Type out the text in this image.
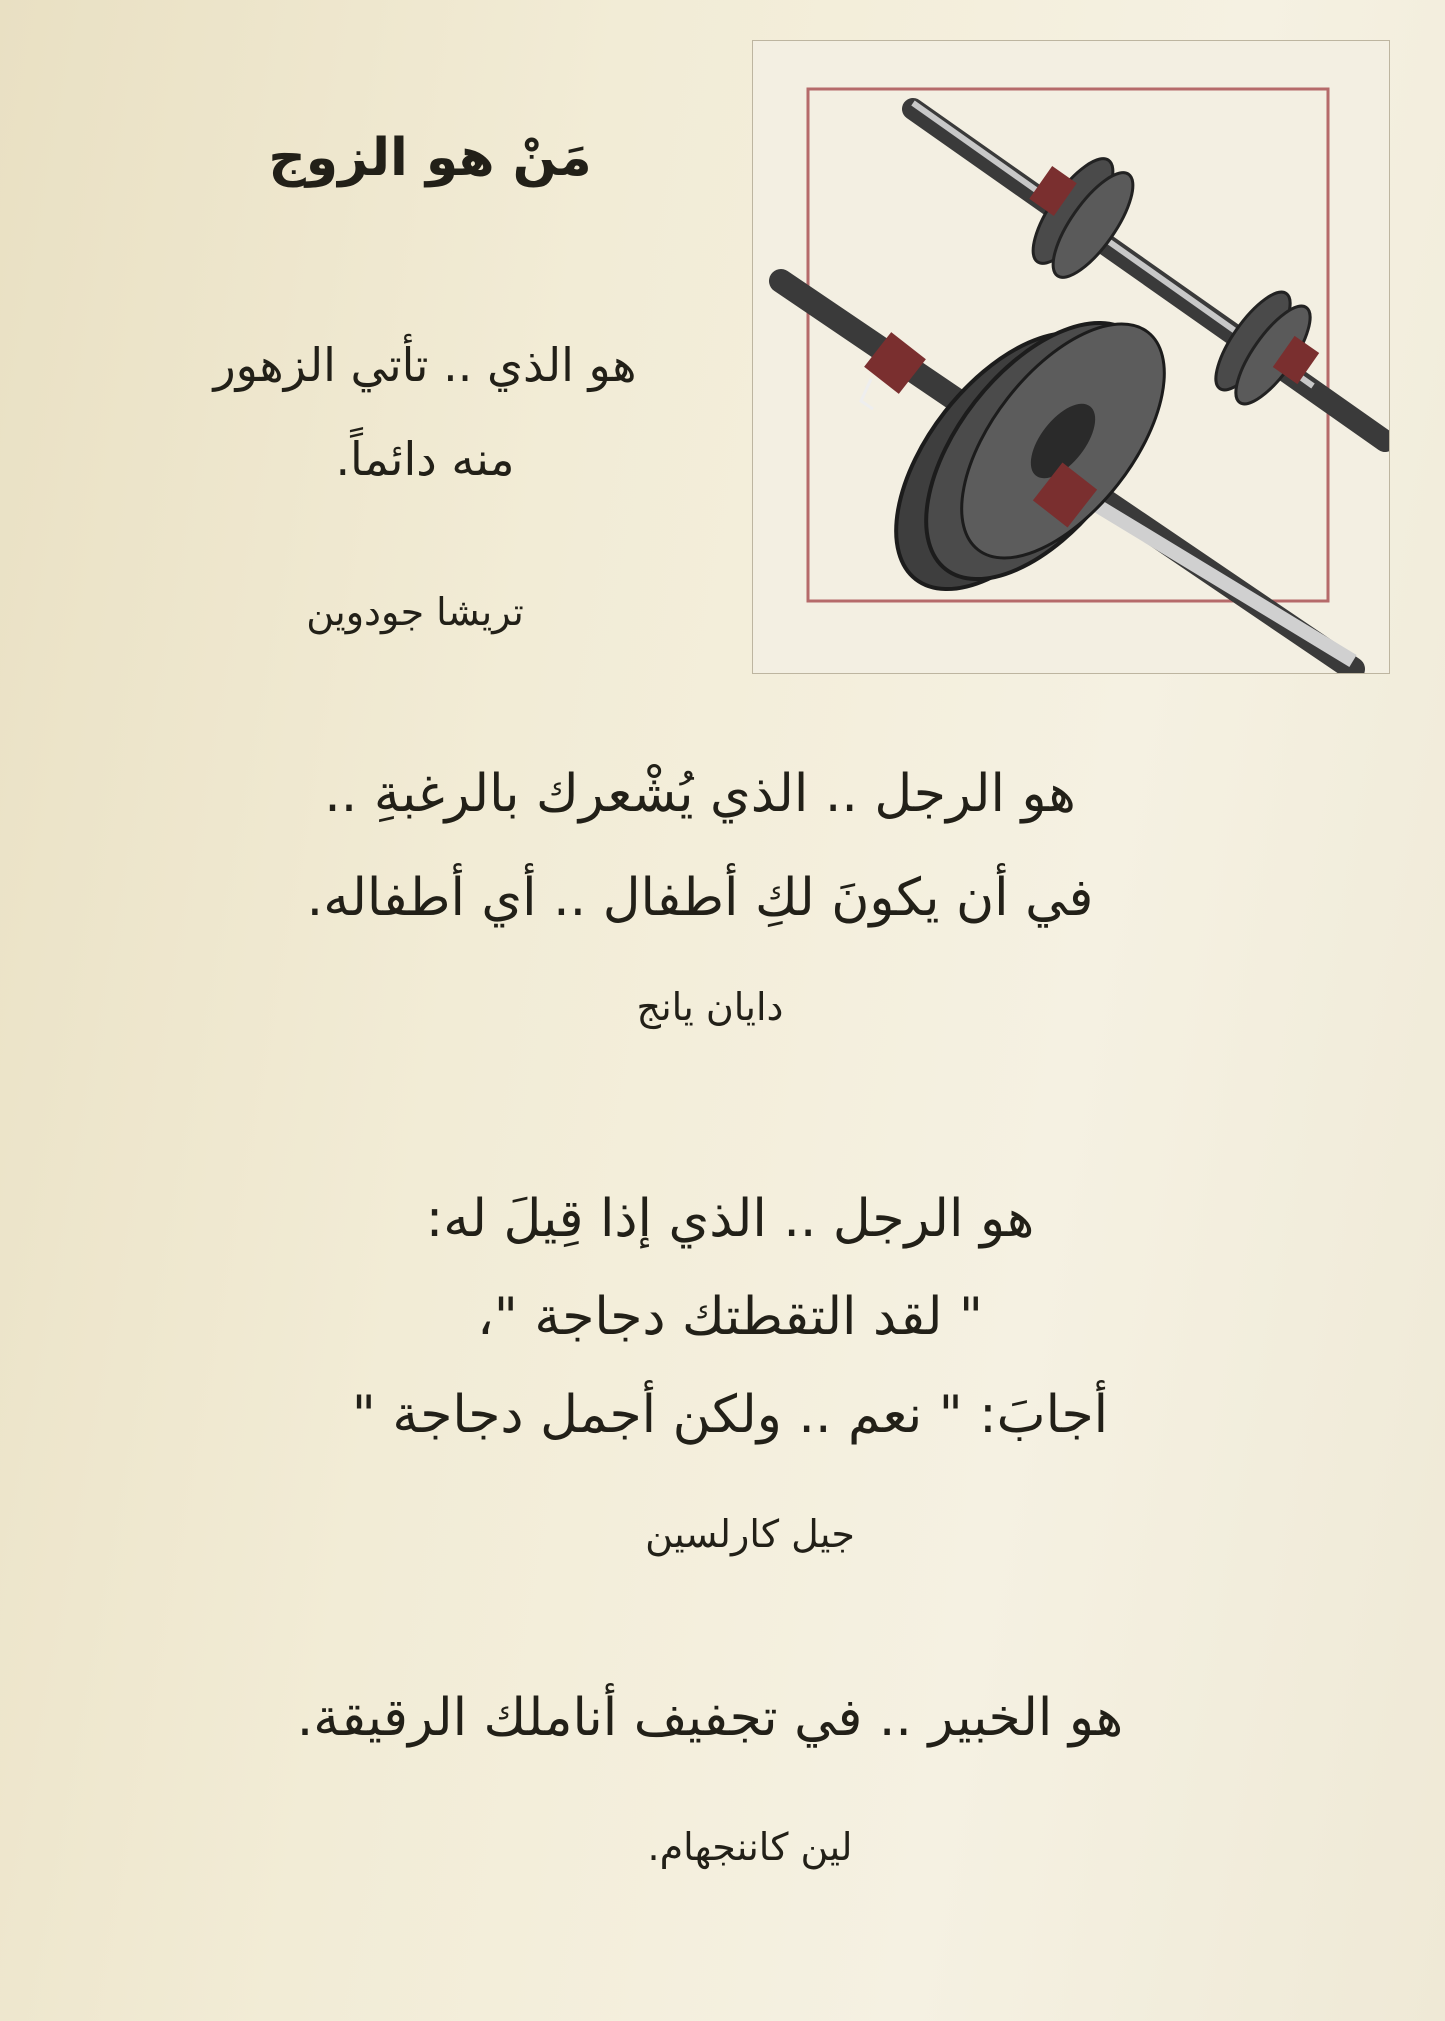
مَنْ هو الزوج
هو الذي .. تأتي الزهور
منه دائماً.
تريشا جودوين
هو الرجل .. الذي يُشْعرك بالرغبةِ ..
في أن يكونَ لكِ أطفال .. أي أطفاله.
دايان يانج
هو الرجل .. الذي إذا قِيلَ له:
" لقد التقطتك دجاجة "،
أجابَ: " نعم .. ولكن أجمل دجاجة "
جيل كارلسين
هو الخبير .. في تجفيف أناملك الرقيقة.
لين كاننجهام.
